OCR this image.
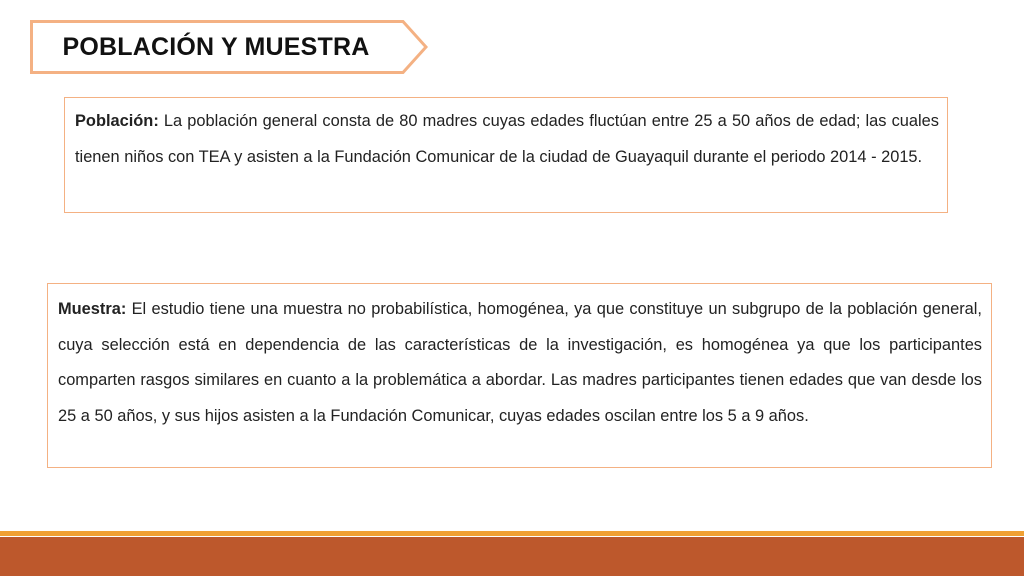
POBLACIÓN Y MUESTRA
Población: La población general consta de 80 madres cuyas edades fluctúan entre 25 a 50 años de edad; las cuales tienen niños con TEA y asisten a la Fundación Comunicar de la ciudad de Guayaquil durante el periodo 2014 - 2015.
Muestra: El estudio tiene una muestra no probabilística, homogénea, ya que constituye un subgrupo de la población general, cuya selección está en dependencia de las características de la investigación, es homogénea ya que los participantes comparten rasgos similares en cuanto a la problemática a abordar. Las madres participantes tienen edades que van desde los 25 a 50 años, y sus hijos asisten a la Fundación Comunicar, cuyas edades oscilan entre los 5 a 9 años.
